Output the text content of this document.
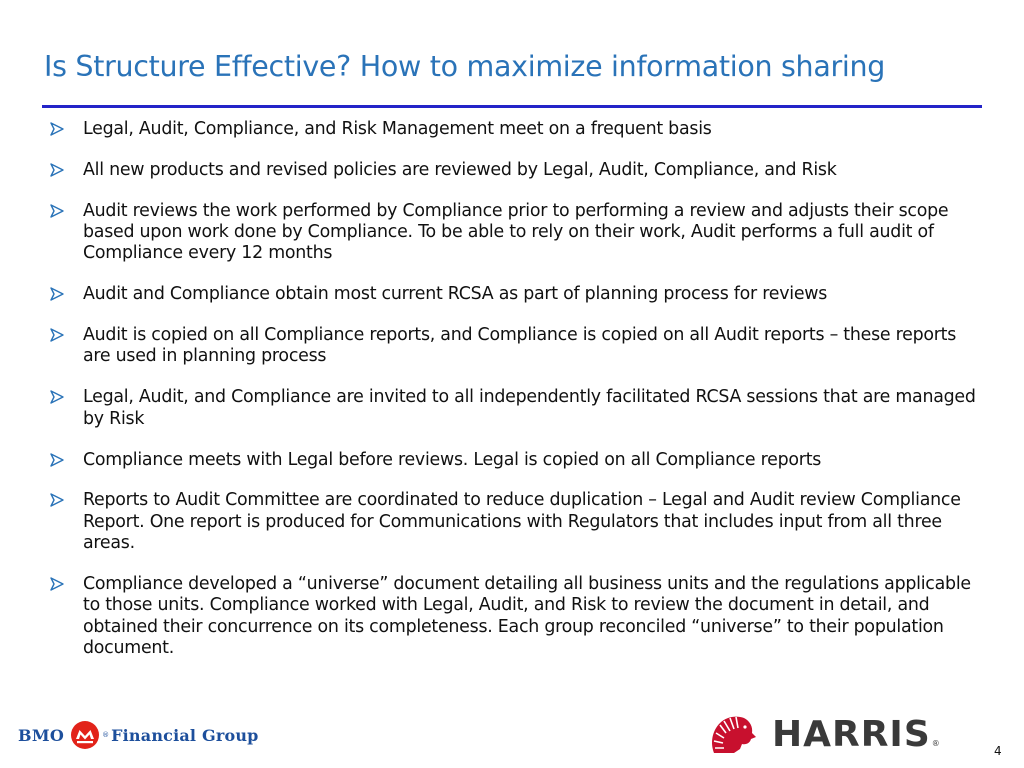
Is Structure Effective? How to maximize information sharing
Legal, Audit, Compliance, and Risk Management meet on a frequent basis
All new products and revised policies are reviewed by Legal, Audit, Compliance, and Risk
Audit reviews the work performed by Compliance prior to performing a review and adjusts their scope based upon work done by Compliance. To be able to rely on their work, Audit performs a full audit of Compliance every 12 months
Audit and Compliance obtain most current RCSA as part of planning process for reviews
Audit is copied on all Compliance reports, and Compliance is copied on all Audit reports – these reports are used in planning process
Legal, Audit, and Compliance are invited to all independently facilitated RCSA sessions that are managed by Risk
Compliance meets with Legal before reviews. Legal is copied on all Compliance reports
Reports to Audit Committee are coordinated to reduce duplication – Legal and Audit review Compliance Report. One report is produced for Communications with Regulators that includes input from all three areas.
Compliance developed a “universe” document detailing all business units and the regulations applicable to those units. Compliance worked with Legal, Audit, and Risk to review the document in detail, and obtained their concurrence on its completeness. Each group reconciled “universe” to their population document.
BMO	® Financial Group	HARRIS ®
4
